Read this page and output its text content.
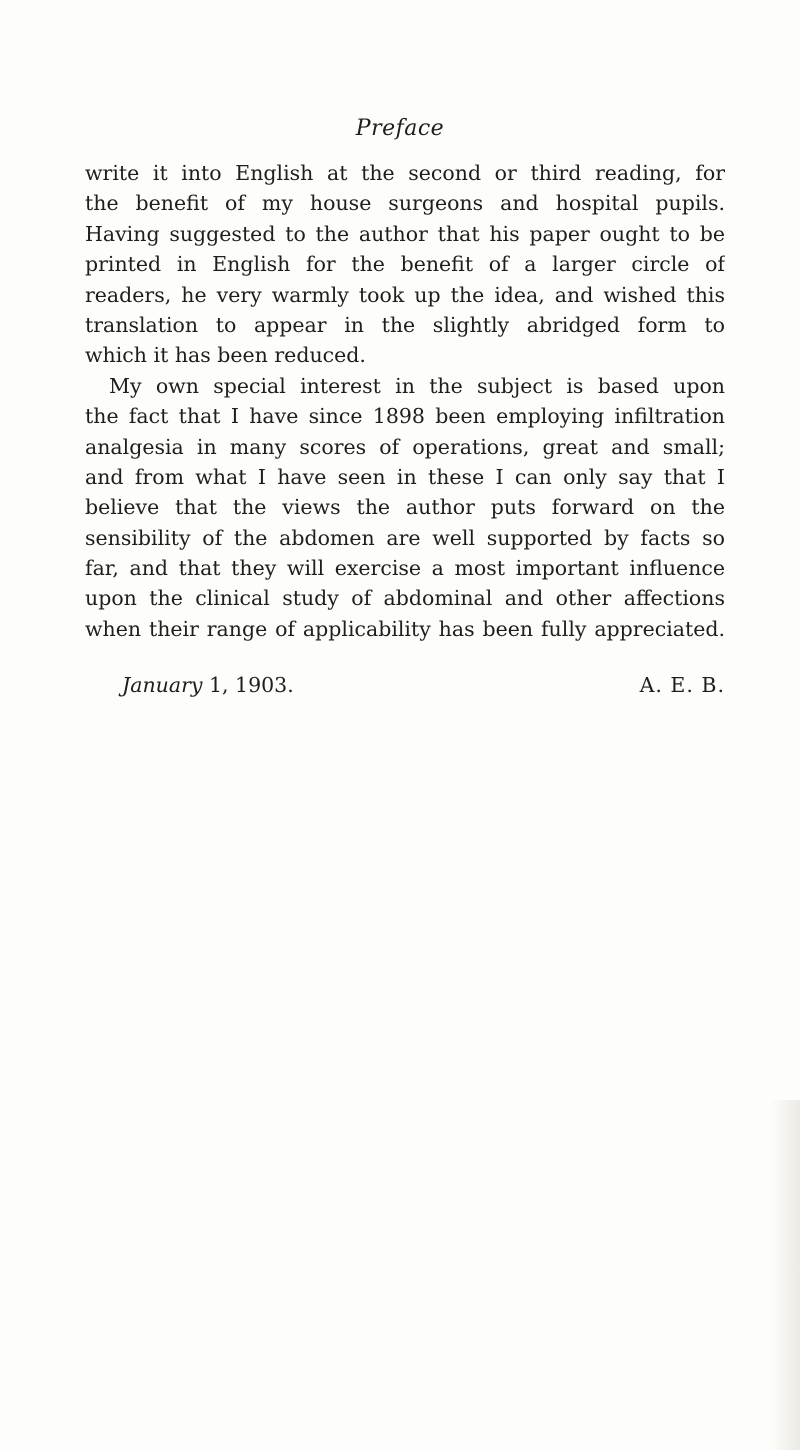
Preface
write it into English at the second or third reading, for
the benefit of my house surgeons and hospital pupils.
Having suggested to the author that his paper ought to be
printed in English for the benefit of a larger circle of
readers, he very warmly took up the idea, and wished this
translation to appear in the slightly abridged form to
which it has been reduced.
My own special interest in the subject is based upon
the fact that I have since 1898 been employing infiltration
analgesia in many scores of operations, great and small;
and from what I have seen in these I can only say that I
believe that the views the author puts forward on the
sensibility of the abdomen are well supported by facts so
far, and that they will exercise a most important influence
upon the clinical study of abdominal and other affections
when their range of applicability has been fully appreciated.
January 1, 1903.	A. E. B.
